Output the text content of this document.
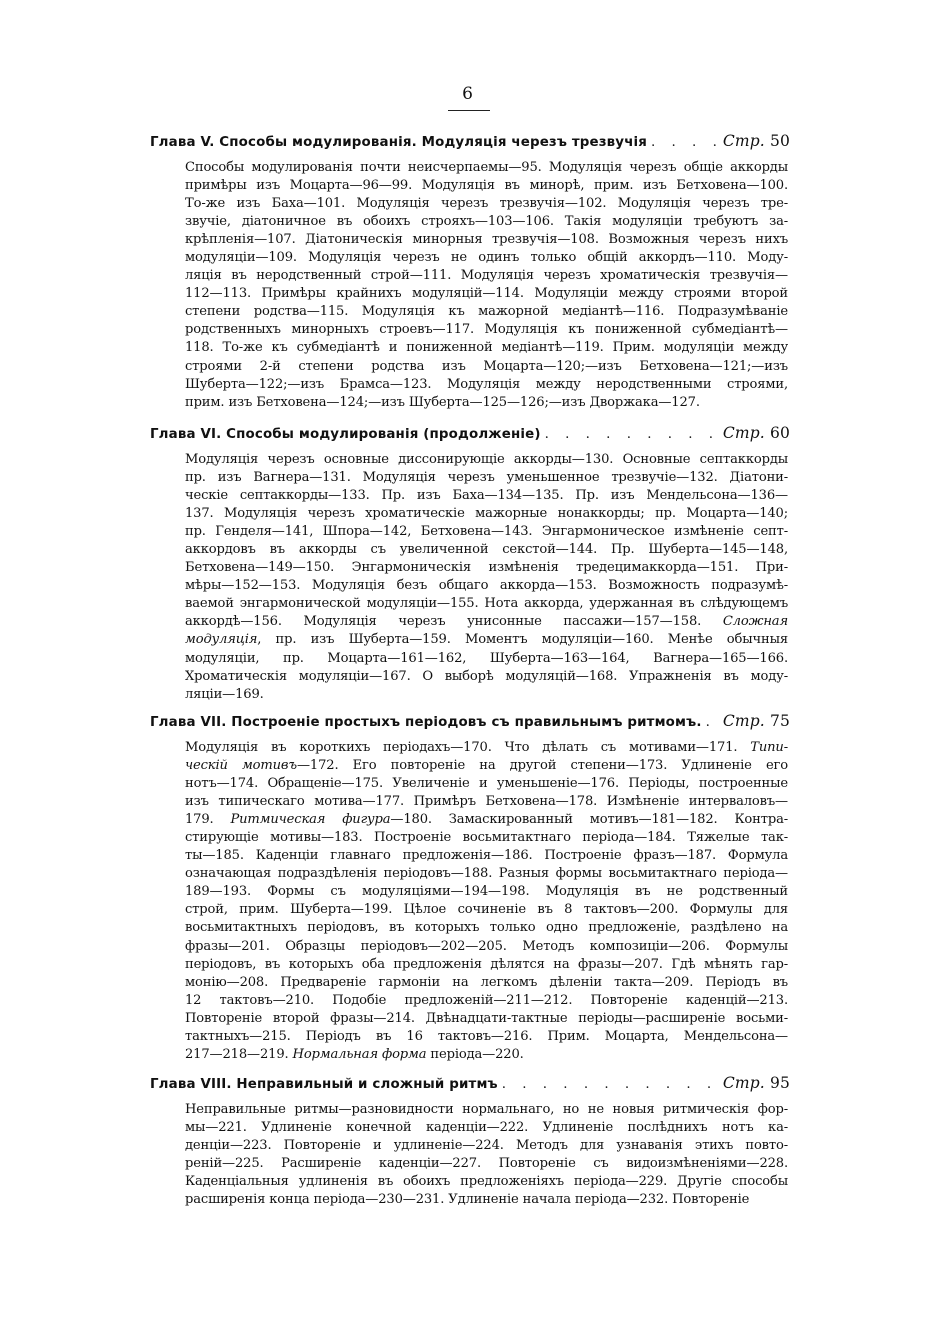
6
Глава V. Способы модулированія. Модуляція черезъ трезвучія . . .	Стр. 50
Способы модулированія почти неисчерпаемы—95. Модуляція черезъ общіе аккорды
примѣры изъ Моцарта—96—99. Модуляція въ минорѣ, прим. изъ Бетховена—100.
То-же изъ Баха—101. Модуляція черезъ трезвучія—102. Модуляція черезъ тре-
звучіе, діатоничное въ обоихъ строяхъ—103—106. Такія модуляціи требуютъ за-
крѣпленія—107. Діатоническія минорныя трезвучія—108. Возможныя черезъ нихъ
модуляціи—109. Модуляція черезъ не одинъ только общій аккордъ—110. Моду-
ляція въ неродственный строй—111. Модуляція черезъ хроматическія трезвучія—
112—113. Примѣры крайнихъ модуляцій—114. Модуляціи между строями второй
степени родства—115. Модуляція къ мажорной медіантѣ—116. Подразумѣваніе
родственныхъ минорныхъ строевъ—117. Модуляція къ пониженной субмедіантѣ—
118. То-же къ субмедіантѣ и пониженной медіантѣ—119. Прим. модуляціи между
строями 2-й степени родства изъ Моцарта—120;—изъ Бетховена—121;—изъ
Шуберта—122;—изъ Брамса—123. Модуляція между неродственными строями,
прим. изъ Бетховена—124;—изъ Шуберта—125—126;—изъ Дворжака—127.
Глава VI. Способы модулированія (продолженіе) . . .	Стр. 60
Модуляція черезъ основные диссонирующіе аккорды—130. Основные септаккорды
пр. изъ Вагнера—131. Модуляція черезъ уменьшенное трезвучіе—132. Діатони-
ческіе септаккорды—133. Пр. изъ Баха—134—135. Пр. изъ Мендельсона—136—
137. Модуляція черезъ хроматическіе мажорные нонаккорды; пр. Моцарта—140;
пр. Генделя—141, Шпора—142, Бетховена—143. Энгармоническое измѣненіе септ-
аккордовъ въ аккорды съ увеличенной секстой—144. Пр. Шуберта—145—148,
Бетховена—149—150. Энгармоническія измѣненія тредецимаккорда—151. При-
мѣры—152—153. Модуляція безъ общаго аккорда—153. Возможность подразумѣ-
ваемой энгармонической модуляціи—155. Нота аккорда, удержанная въ слѣдующемъ
аккордѣ—156. Модуляція черезъ унисонные пассажи—157—158. Сложная
модуляція, пр. изъ Шуберта—159. Моментъ модуляціи—160. Менѣе обычныя
модуляціи, пр. Моцарта—161—162, Шуберта—163—164, Вагнера—165—166.
Хроматическія модуляціи—167. О выборѣ модуляцій—168. Упражненія въ моду-
ляціи—169.
Глава VII. Построеніе простыхъ періодовъ съ правильнымъ ритмомъ. . . . Стр. 75
Модуляція въ короткихъ періодахъ—170. Что дѣлать съ мотивами—171. Типи-
ческій мотивъ—172. Его повтореніе на другой степени—173. Удлиненіе его
нотъ—174. Обращеніе—175. Увеличеніе и уменьшеніе—176. Періоды, построенные
изъ типическаго мотива—177. Примѣръ Бетховена—178. Измѣненіе интерваловъ—
179. Ритмическая фигура—180. Замаскированный мотивъ—181—182. Контра-
стирующіе мотивы—183. Построеніе восьмитактнаго періода—184. Тяжелые так-
ты—185. Каденціи главнаго предложенія—186. Построеніе фразъ—187. Формула
означающая подраздѣленія періодовъ—188. Разныя формы восьмитактнаго періода—
189—193. Формы съ модуляціями—194—198. Модуляція въ не родственный
строй, прим. Шуберта—199. Цѣлое сочиненіе въ 8 тактовъ—200. Формулы для
восьмитактныхъ періодовъ, въ которыхъ только одно предложеніе, раздѣлено на
фразы—201. Образцы періодовъ—202—205. Методъ композиціи—206. Формулы
періодовъ, въ которыхъ оба предложенія дѣлятся на фразы—207. Гдѣ мѣнять гар-
монію—208. Предвареніе гармоніи на легкомъ дѣленіи такта—209. Періодъ въ
12 тактовъ—210. Подобіе предложеній—211—212. Повтореніе каденцій—213.
Повтореніе второй фразы—214. Двѣнадцати-тактные періоды—расширеніе восьми-
тактныхъ—215. Періодъ въ 16 тактовъ—216. Прим. Моцарта, Мендельсона—
217—218—219. Нормальная форма періода—220.
Глава VIII. Неправильный и сложный ритмъ . . .	Стр. 95
Неправильные ритмы—разновидности нормальнаго, но не новыя ритмическія фор-
мы—221. Удлиненіе конечной каденціи—222. Удлиненіе послѣднихъ нотъ ка-
денціи—223. Повтореніе и удлиненіе—224. Методъ для узнаванія этихъ повто-
реній—225. Расширеніе каденціи—227. Повтореніе съ видоизмѣненіями—228.
Каденціальныя удлиненія въ обоихъ предложеніяхъ періода—229. Другіе способы
расширенія конца періода—230—231. Удлиненіе начала періода—232. Повтореніе
